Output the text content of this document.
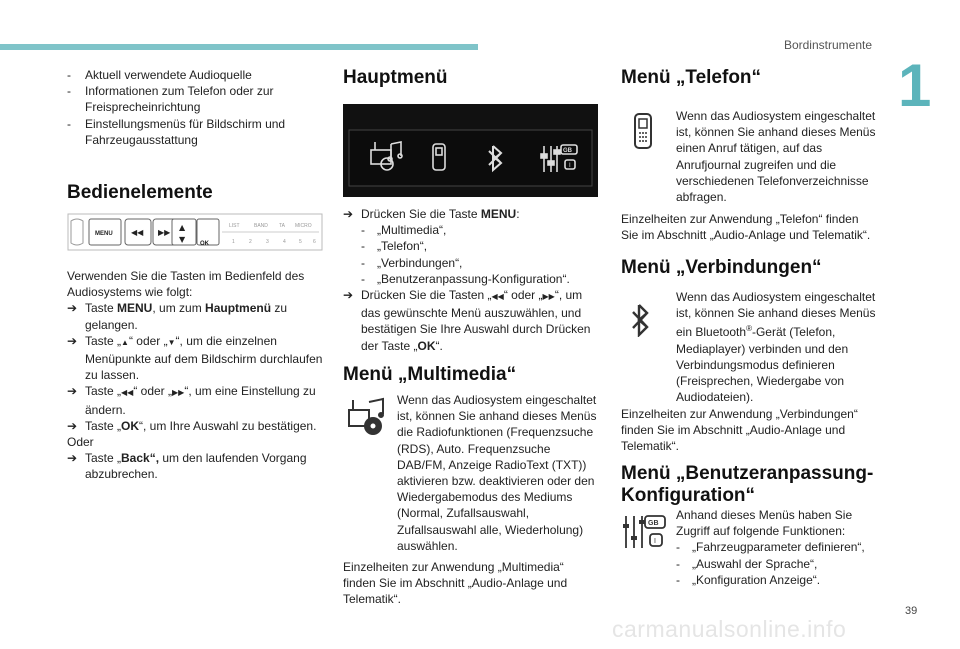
Bordinstrumente
1
- Aktuell verwendete Audioquelle
- Informationen zum Telefon oder zur Freisprecheinrichtung
- Einstellungsmenüs für Bildschirm und Fahrzeugausstattung
Bedienelemente
MENU ◀◀ ▶▶
▲
▼ OK
LIST	BAND TA MICRO
1	2	3	4	5 6

Verwenden Sie die Tasten im Bedienfeld des Audiosystems wie folgt:

➔ Taste MENU, um zum Hauptmenü zu gelangen.
➔ Taste „▲“ oder „▼“, um die einzelnen Menüpunkte auf dem Bildschirm durchlaufen zu lassen.
➔ Taste „◀◀“ oder „▶▶“, um eine Einstellung zu ändern.
➔ Taste „OK“, um Ihre Auswahl zu bestätigen.

Oder

➔ Taste „Back“, um den laufenden Vorgang abzubrechen.
Hauptmenü
GB
I
➔ Drücken Sie die Taste MENU:
- „Multimedia“,
- „Telefon“,
- „Verbindungen“,
- „Benutzeranpassung-Konfiguration“.
➔ Drücken Sie die Tasten „◀◀“ oder „▶▶“, um das gewünschte Menü auszuwählen, und bestätigen Sie Ihre Auswahl durch Drücken der Taste „OK“.
Menü „Multimedia“

Wenn das Audiosystem eingeschaltet ist, können Sie anhand dieses Menüs die Radiofunktionen (Frequenzsuche (RDS), Auto. Frequenzsuche DAB/FM, Anzeige RadioText (TXT)) aktivieren bzw. deaktivieren oder den Wiedergabemodus des Mediums (Normal, Zufallsauswahl, Zufallsauswahl alle, Wiederholung) auswählen.

Einzelheiten zur Anwendung „Multimedia“ finden Sie im Abschnitt „Audio-Anlage und Telematik“.

Menü „Telefon“

Wenn das Audiosystem eingeschaltet ist, können Sie anhand dieses Menüs einen Anruf tätigen, auf das Anrufjournal zugreifen und die verschiedenen Telefonverzeichnisse abfragen.

Einzelheiten zur Anwendung „Telefon“ finden Sie im Abschnitt „Audio-Anlage und Telematik“.

Menü „Verbindungen“

Wenn das Audiosystem eingeschaltet ist, können Sie anhand dieses Menüs ein Bluetooth®-Gerät (Telefon, Mediaplayer) verbinden und den Verbindungsmodus definieren (Freisprechen, Wiedergabe von Audiodateien).

Einzelheiten zur Anwendung „Verbindungen“ finden Sie im Abschnitt „Audio-Anlage und Telematik“.

Menü „Benutzeranpassung-
Konfiguration“
GB
I

Anhand dieses Menüs haben Sie Zugriff auf folgende Funktionen:

- „Fahrzeugparameter definieren“,
- „Auswahl der Sprache“,
- „Konfiguration Anzeige“.
39
carmanualsonline.info
